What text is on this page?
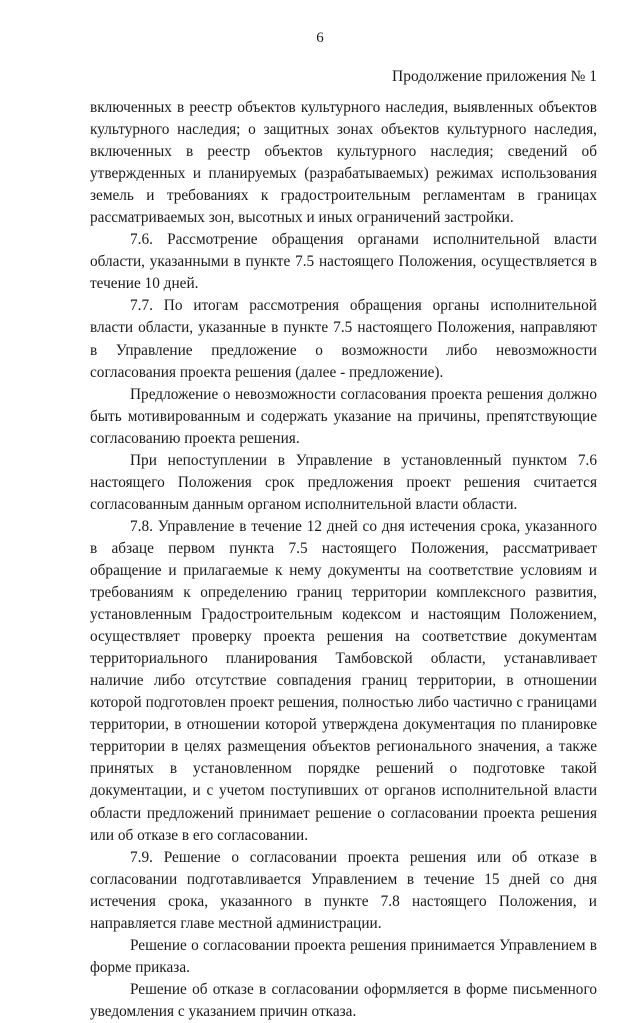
6
Продолжение приложения № 1

включенных в реестр объектов культурного наследия, выявленных объектов культурного наследия; о защитных зонах объектов культурного наследия, включенных в реестр объектов культурного наследия; сведений об утвержденных и планируемых (разрабатываемых) режимах использования земель и требованиях к градостроительным регламентам в границах рассматриваемых зон, высотных и иных ограничений застройки.

7.6. Рассмотрение обращения органами исполнительной власти области, указанными в пункте 7.5 настоящего Положения, осуществляется в течение 10 дней.

7.7. По итогам рассмотрения обращения органы исполнительной власти области, указанные в пункте 7.5 настоящего Положения, направляют в Управление предложение о возможности либо невозможности согласования проекта решения (далее - предложение).

Предложение о невозможности согласования проекта решения должно быть мотивированным и содержать указание на причины, препятствующие согласованию проекта решения.

При непоступлении в Управление в установленный пунктом 7.6 настоящего Положения срок предложения проект решения считается согласованным данным органом исполнительной власти области.

7.8. Управление в течение 12 дней со дня истечения срока, указанного в абзаце первом пункта 7.5 настоящего Положения, рассматривает обращение и прилагаемые к нему документы на соответствие условиям и требованиям к определению границ территории комплексного развития, установленным Градостроительным кодексом и настоящим Положением, осуществляет проверку проекта решения на соответствие документам территориального планирования Тамбовской области, устанавливает наличие либо отсутствие совпадения границ территории, в отношении которой подготовлен проект решения, полностью либо частично с границами территории, в отношении которой утверждена документация по планировке территории в целях размещения объектов регионального значения, а также принятых в установленном порядке решений о подготовке такой документации, и с учетом поступивших от органов исполнительной власти области предложений принимает решение о согласовании проекта решения или об отказе в его согласовании.

7.9. Решение о согласовании проекта решения или об отказе в согласовании подготавливается Управлением в течение 15 дней со дня истечения срока, указанного в пункте 7.8 настоящего Положения, и направляется главе местной администрации.

Решение о согласовании проекта решения принимается Управлением в форме приказа.

Решение об отказе в согласовании оформляется в форме письменного уведомления с указанием причин отказа.
